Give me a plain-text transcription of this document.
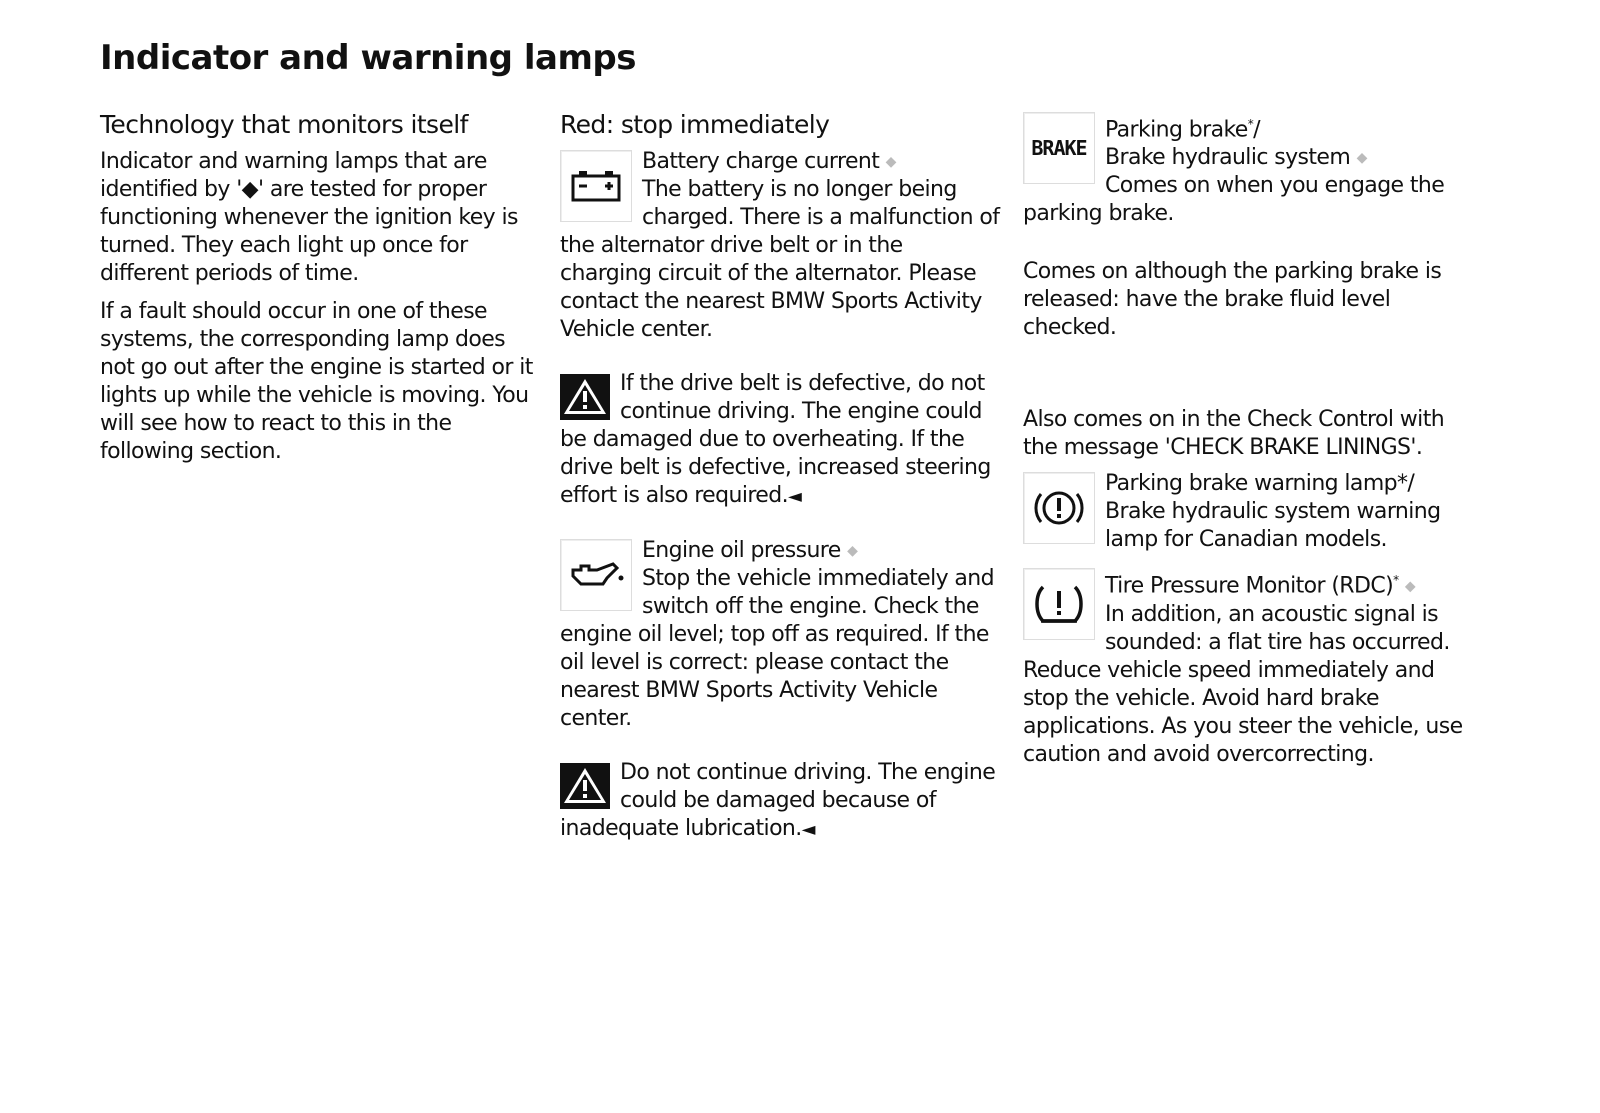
Indicator and warning lamps
Technology that monitors itself

Indicator and warning lamps that are identified by '◆' are tested for proper functioning whenever the ignition key is turned. They each light up once for different periods of time.

If a fault should occur in one of these systems, the corresponding lamp does not go out after the engine is started or it lights up while the vehicle is moving. You will see how to react to this in the following section.

Red: stop immediately
Battery charge current ◆

The battery is no longer being charged. There is a malfunction of the alternator drive belt or in the charging circuit of the alternator. Please contact the nearest BMW Sports Activity Vehicle center.

If the drive belt is defective, do not continue driving. The engine could be damaged due to overheating. If the drive belt is defective, increased steering effort is also required.◄

Engine oil pressure ◆

Stop the vehicle immediately and switch off the engine. Check the engine oil level; top off as required. If the oil level is correct: please contact the nearest BMW Sports Activity Vehicle center.

Do not continue driving. The engine could be damaged because of inadequate lubrication.◄

BRAKE
Parking brake*/
Brake hydraulic system ◆

Comes on when you engage the parking brake.

Comes on although the parking brake is released: have the brake fluid level checked.

Also comes on in the Check Control with the message 'CHECK BRAKE LININGS'.

Parking brake warning lamp*/ Brake hydraulic system warning lamp for Canadian models.

Tire Pressure Monitor (RDC)* ◆

In addition, an acoustic signal is sounded: a flat tire has occurred. Reduce vehicle speed immediately and stop the vehicle. Avoid hard brake applications. As you steer the vehicle, use caution and avoid overcorrecting.
